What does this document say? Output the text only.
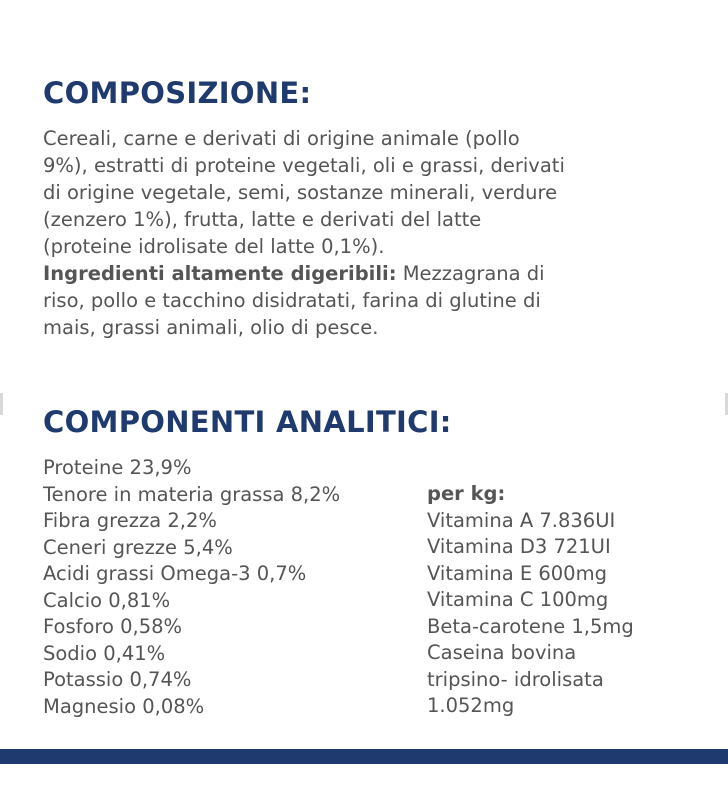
COMPOSIZIONE:

Cereali, carne e derivati di origine animale (pollo
9%), estratti di proteine vegetali, oli e grassi, derivati
di origine vegetale, semi, sostanze minerali, verdure
(zenzero 1%), frutta, latte e derivati del latte
(proteine idrolisate del latte 0,1%).
Ingredienti altamente digeribili: Mezzagrana di
riso, pollo e tacchino disidratati, farina di glutine di
mais, grassi animali, olio di pesce.

COMPONENTI ANALITICI:
Proteine 23,9%
Tenore in materia grassa 8,2%
Fibra grezza 2,2%
Ceneri grezze 5,4%
Acidi grassi Omega-3 0,7%
Calcio 0,81%
Fosforo 0,58%
Sodio 0,41%
Potassio 0,74%
Magnesio 0,08%
per kg:
Vitamina A 7.836UI
Vitamina D3 721UI
Vitamina E 600mg
Vitamina C 100mg
Beta-carotene 1,5mg
Caseina bovina
tripsino- idrolisata
1.052mg
